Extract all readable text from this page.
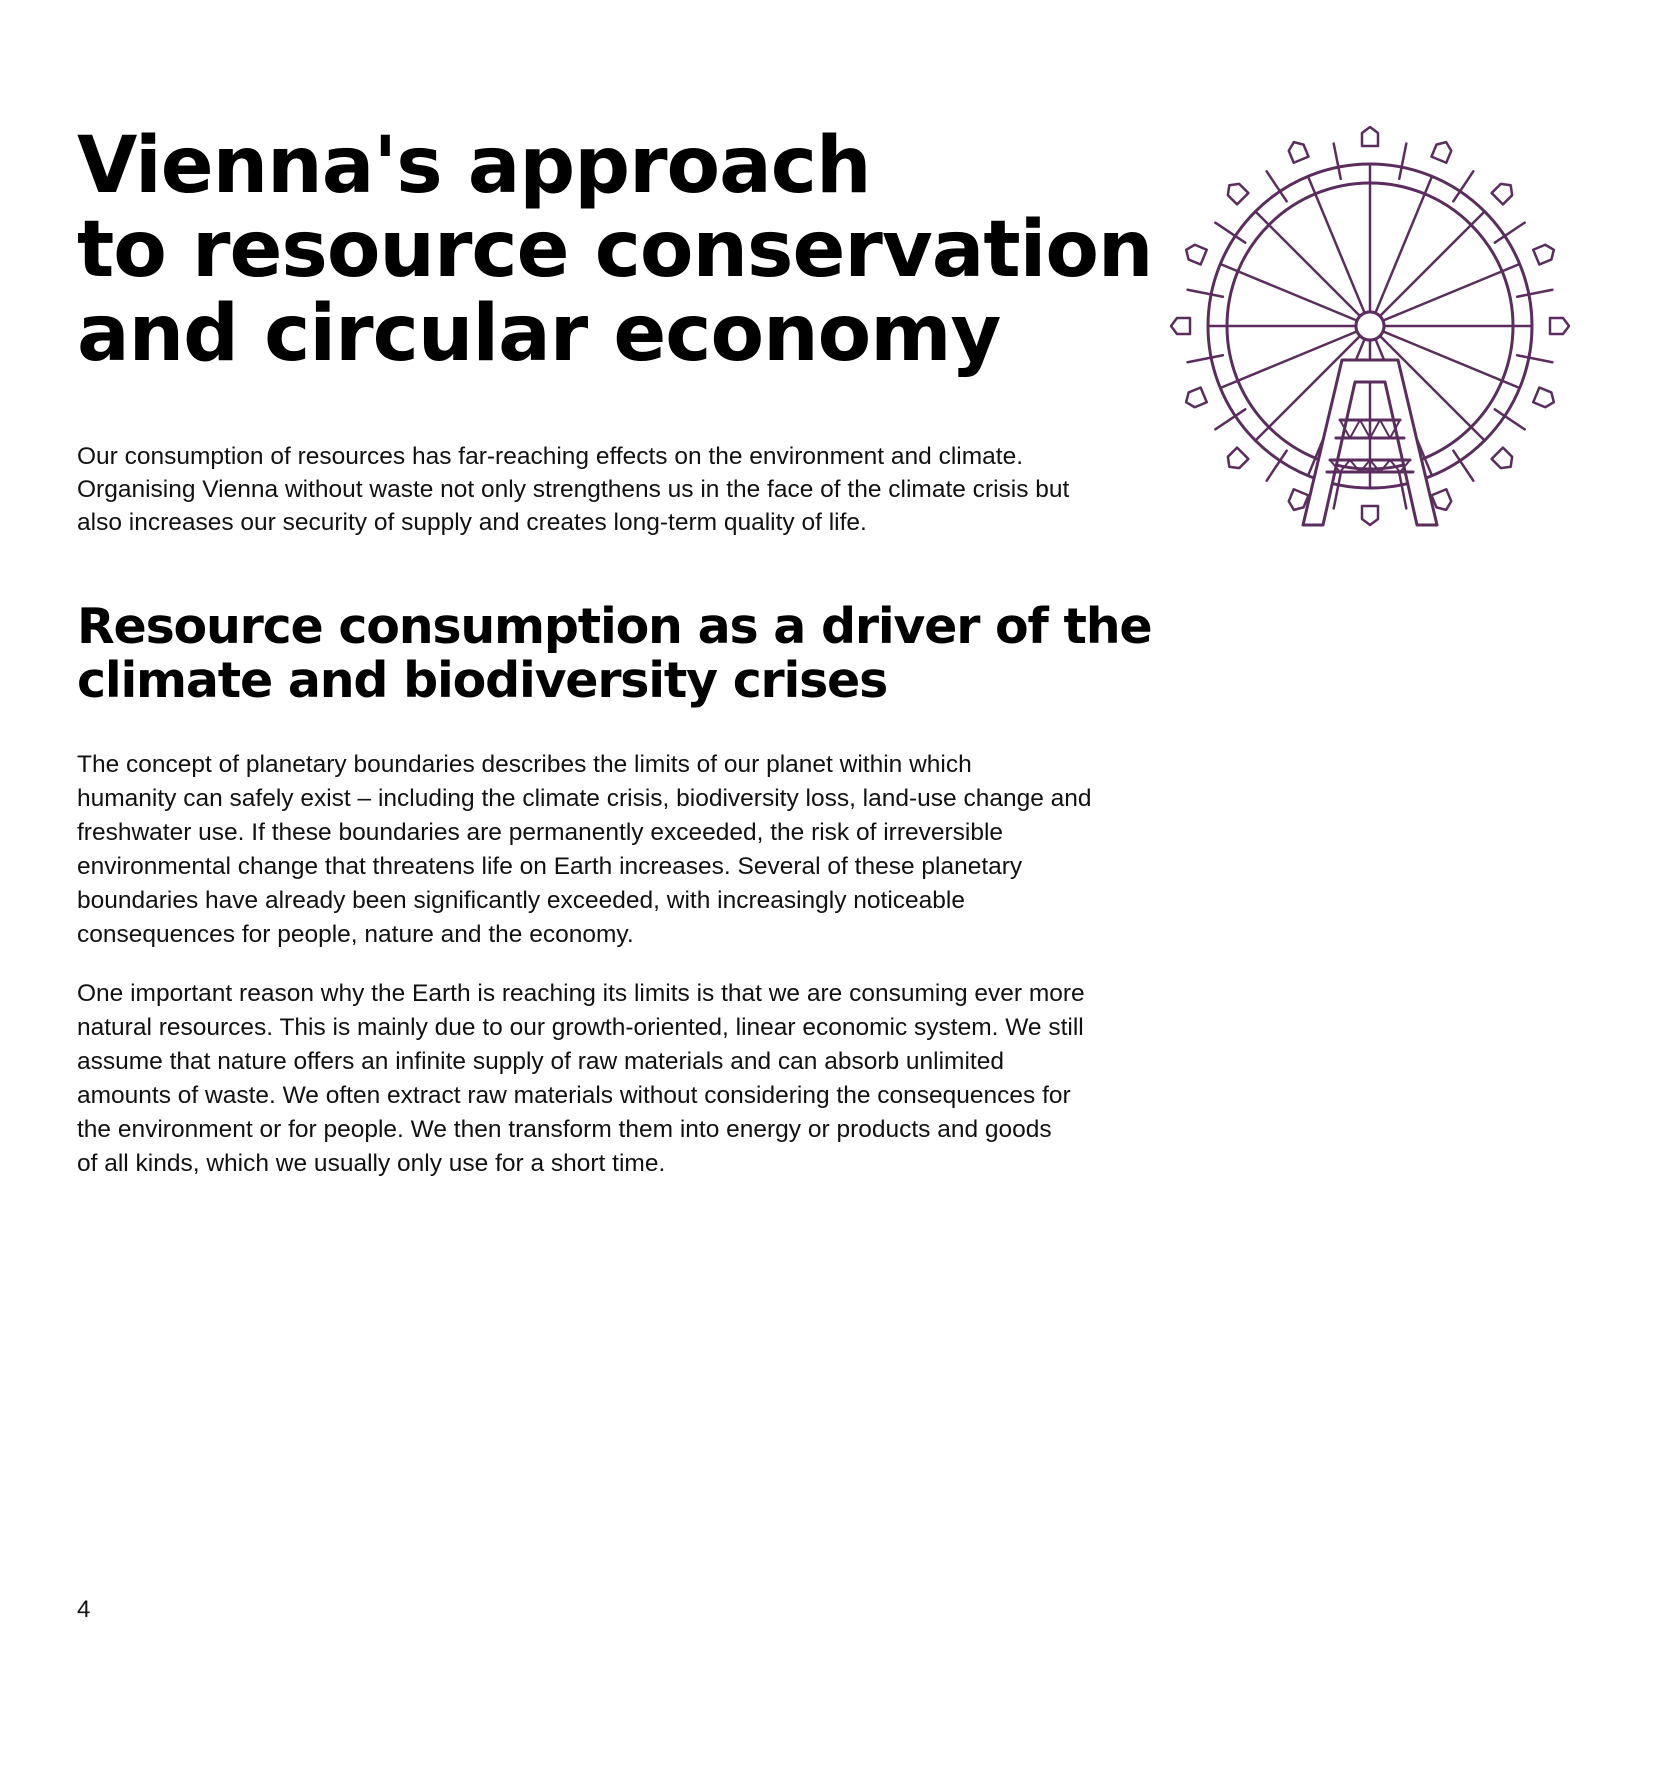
Vienna's approach
to resource conservation
and circular economy

Our consumption of resources has far-reaching effects on the environment and climate.
Organising Vienna without waste not only strengthens us in the face of the climate crisis but
also increases our security of supply and creates long-term quality of life.

Resource consumption as a driver of the
climate and biodiversity crises

The concept of planetary boundaries describes the limits of our planet within which
humanity can safely exist – including the climate crisis, biodiversity loss, land-use change and
freshwater use. If these boundaries are permanently exceeded, the risk of irreversible
environmental change that threatens life on Earth increases. Several of these planetary
boundaries have already been significantly exceeded, with increasingly noticeable
consequences for people, nature and the economy.

One important reason why the Earth is reaching its limits is that we are consuming ever more
natural resources. This is mainly due to our growth-oriented, linear economic system. We still
assume that nature offers an infinite supply of raw materials and can absorb unlimited
amounts of waste. We often extract raw materials without considering the consequences for
the environment or for people. We then transform them into energy or products and goods
of all kinds, which we usually only use for a short time.

4
